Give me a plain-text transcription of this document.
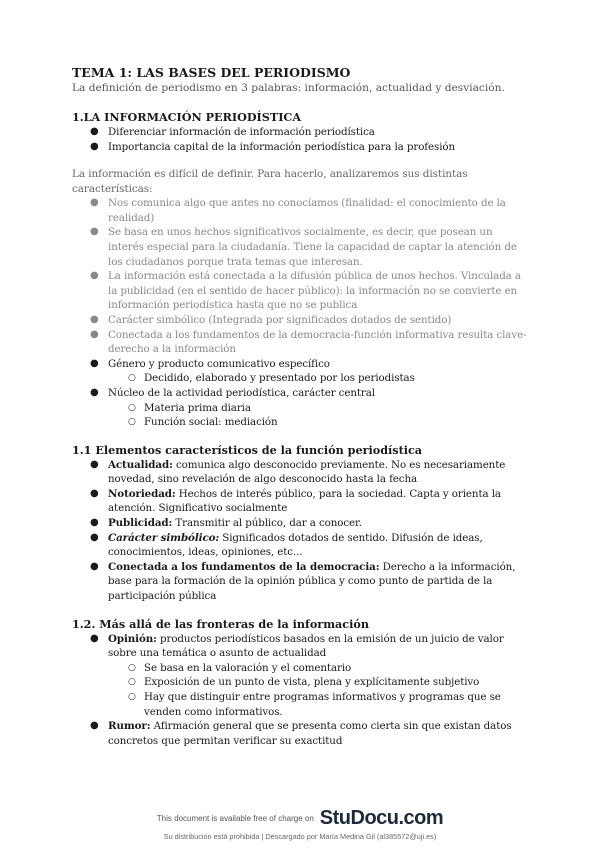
TEMA 1: LAS BASES DEL PERIODISMO

La definición de periodismo en 3 palabras: información, actualidad y desviación.

1.LA INFORMACIÓN PERIODÍSTICA

● Diferenciar información de información periodística
● Importancia capital de la información periodística para la profesión

La información es difícil de definir. Para hacerlo, analizaremos sus distintas características:

● Nos comunica algo que antes no conocíamos (finalidad: el conocimiento de la realidad)
● Se basa en unos hechos significativos socialmente, es decir, que posean un interés especial para la ciudadanía. Tiene la capacidad de captar la atención de los ciudadanos porque trata temas que interesan.
● La información está conectada a la difusión pública de unos hechos. Vinculada a la publicidad (en el sentido de hacer público): la información no se convierte en información periodística hasta que no se publica
● Carácter simbólico (Integrada por significados dotados de sentido)
● Conectada a los fundamentos de la democracia-función informativa resulta clave-derecho a la información
● Género y producto comunicativo específico
○ Decidido, elaborado y presentado por los periodistas
● Núcleo de la actividad periodística, carácter central
○ Materia prima diaria
○ Función social: mediación

1.1 Elementos característicos de la función periodística

● Actualidad: comunica algo desconocido previamente. No es necesariamente novedad, sino revelación de algo desconocido hasta la fecha
● Notoriedad: Hechos de interés público, para la sociedad. Capta y orienta la atención. Significativo socialmente
● Publicidad: Transmitir al público, dar a conocer.
● Carácter simbólico: Significados dotados de sentido. Difusión de ideas, conocimientos, ideas, opiniones, etc...
● Conectada a los fundamentos de la democracia: Derecho a la información, base para la formación de la opinión pública y como punto de partida de la participación pública

1.2. Más allá de las fronteras de la información

● Opinión: productos periodísticos basados en la emisión de un juicio de valor sobre una temática o asunto de actualidad
○ Se basa en la valoración y el comentario
○ Exposición de un punto de vista, plena y explícitamente subjetivo
○ Hay que distinguir entre programas informativos y programas que se venden como informativos.
● Rumor: Afirmación general que se presenta como cierta sin que existan datos concretos que permitan verificar su exactitud
This document is available free of charge on StuDocu.com
Su distribución está prohibida | Descargado por María Medina Gil (al385572@uji.es)
